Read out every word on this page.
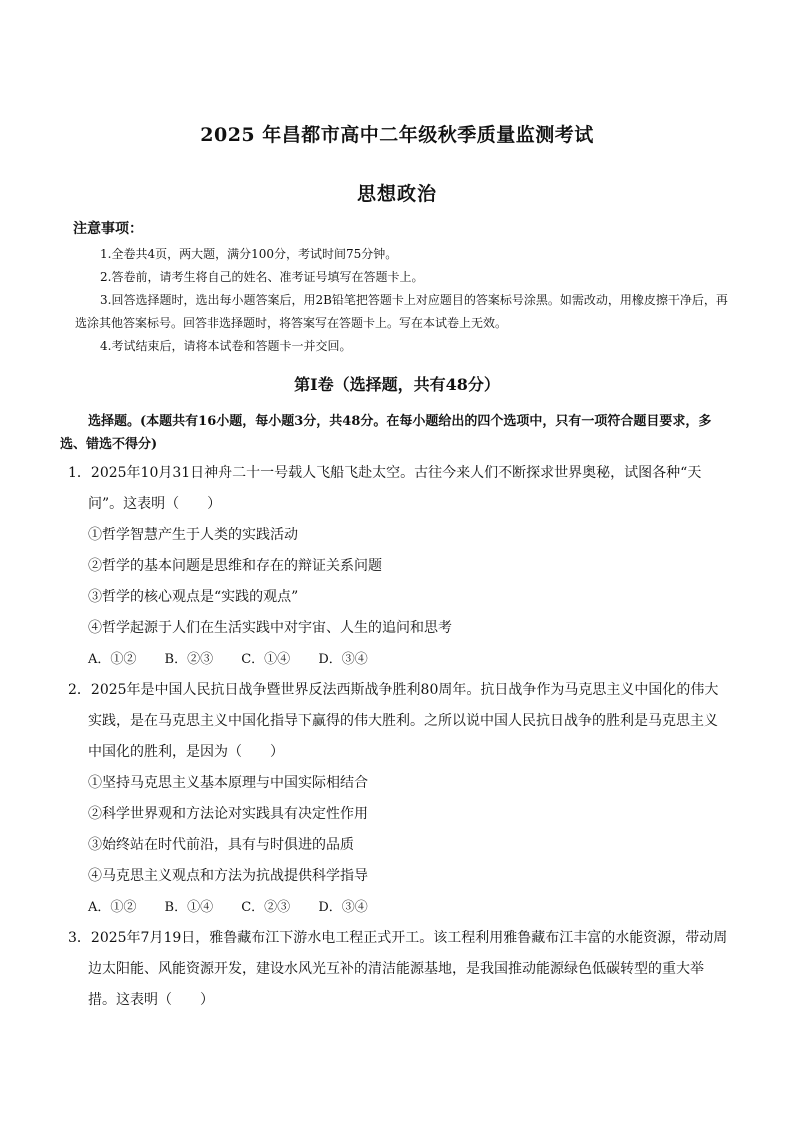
2025 年昌都市高中二年级秋季质量监测考试
思想政治
注意事项：
1.全卷共4页，两大题，满分100分，考试时间75分钟。
2.答卷前，请考生将自己的姓名、准考证号填写在答题卡上。
3.回答选择题时，选出每小题答案后，用2B铅笔把答题卡上对应题目的答案标号涂黑。如需改动，用橡皮擦干净后，再选涂其他答案标号。回答非选择题时，将答案写在答题卡上。写在本试卷上无效。
4.考试结束后，请将本试卷和答题卡一并交回。
第Ⅰ卷（选择题，共有48分）
选择题。(本题共有16小题，每小题3分，共48分。在每小题给出的四个选项中，只有一项符合题目要求，多选、错选不得分)
1．2025年10月31日神舟二十一号载人飞船飞赴太空。古往今来人们不断探求世界奥秘，试图各种“天问”。这表明（　　）
①哲学智慧产生于人类的实践活动
②哲学的基本问题是思维和存在的辩证关系问题
③哲学的核心观点是“实践的观点”
④哲学起源于人们在生活实践中对宇宙、人生的追问和思考
A．①② B．②③ C．①④ D．③④
2．2025年是中国人民抗日战争暨世界反法西斯战争胜利80周年。抗日战争作为马克思主义中国化的伟大实践，是在马克思主义中国化指导下赢得的伟大胜利。之所以说中国人民抗日战争的胜利是马克思主义中国化的胜利，是因为（　　）
①坚持马克思主义基本原理与中国实际相结合
②科学世界观和方法论对实践具有决定性作用
③始终站在时代前沿，具有与时俱进的品质
④马克思主义观点和方法为抗战提供科学指导
A．①② B．①④ C．②③ D．③④
3．2025年7月19日，雅鲁藏布江下游水电工程正式开工。该工程利用雅鲁藏布江丰富的水能资源，带动周边太阳能、风能资源开发，建设水风光互补的清洁能源基地，是我国推动能源绿色低碳转型的重大举措。这表明（　　）
